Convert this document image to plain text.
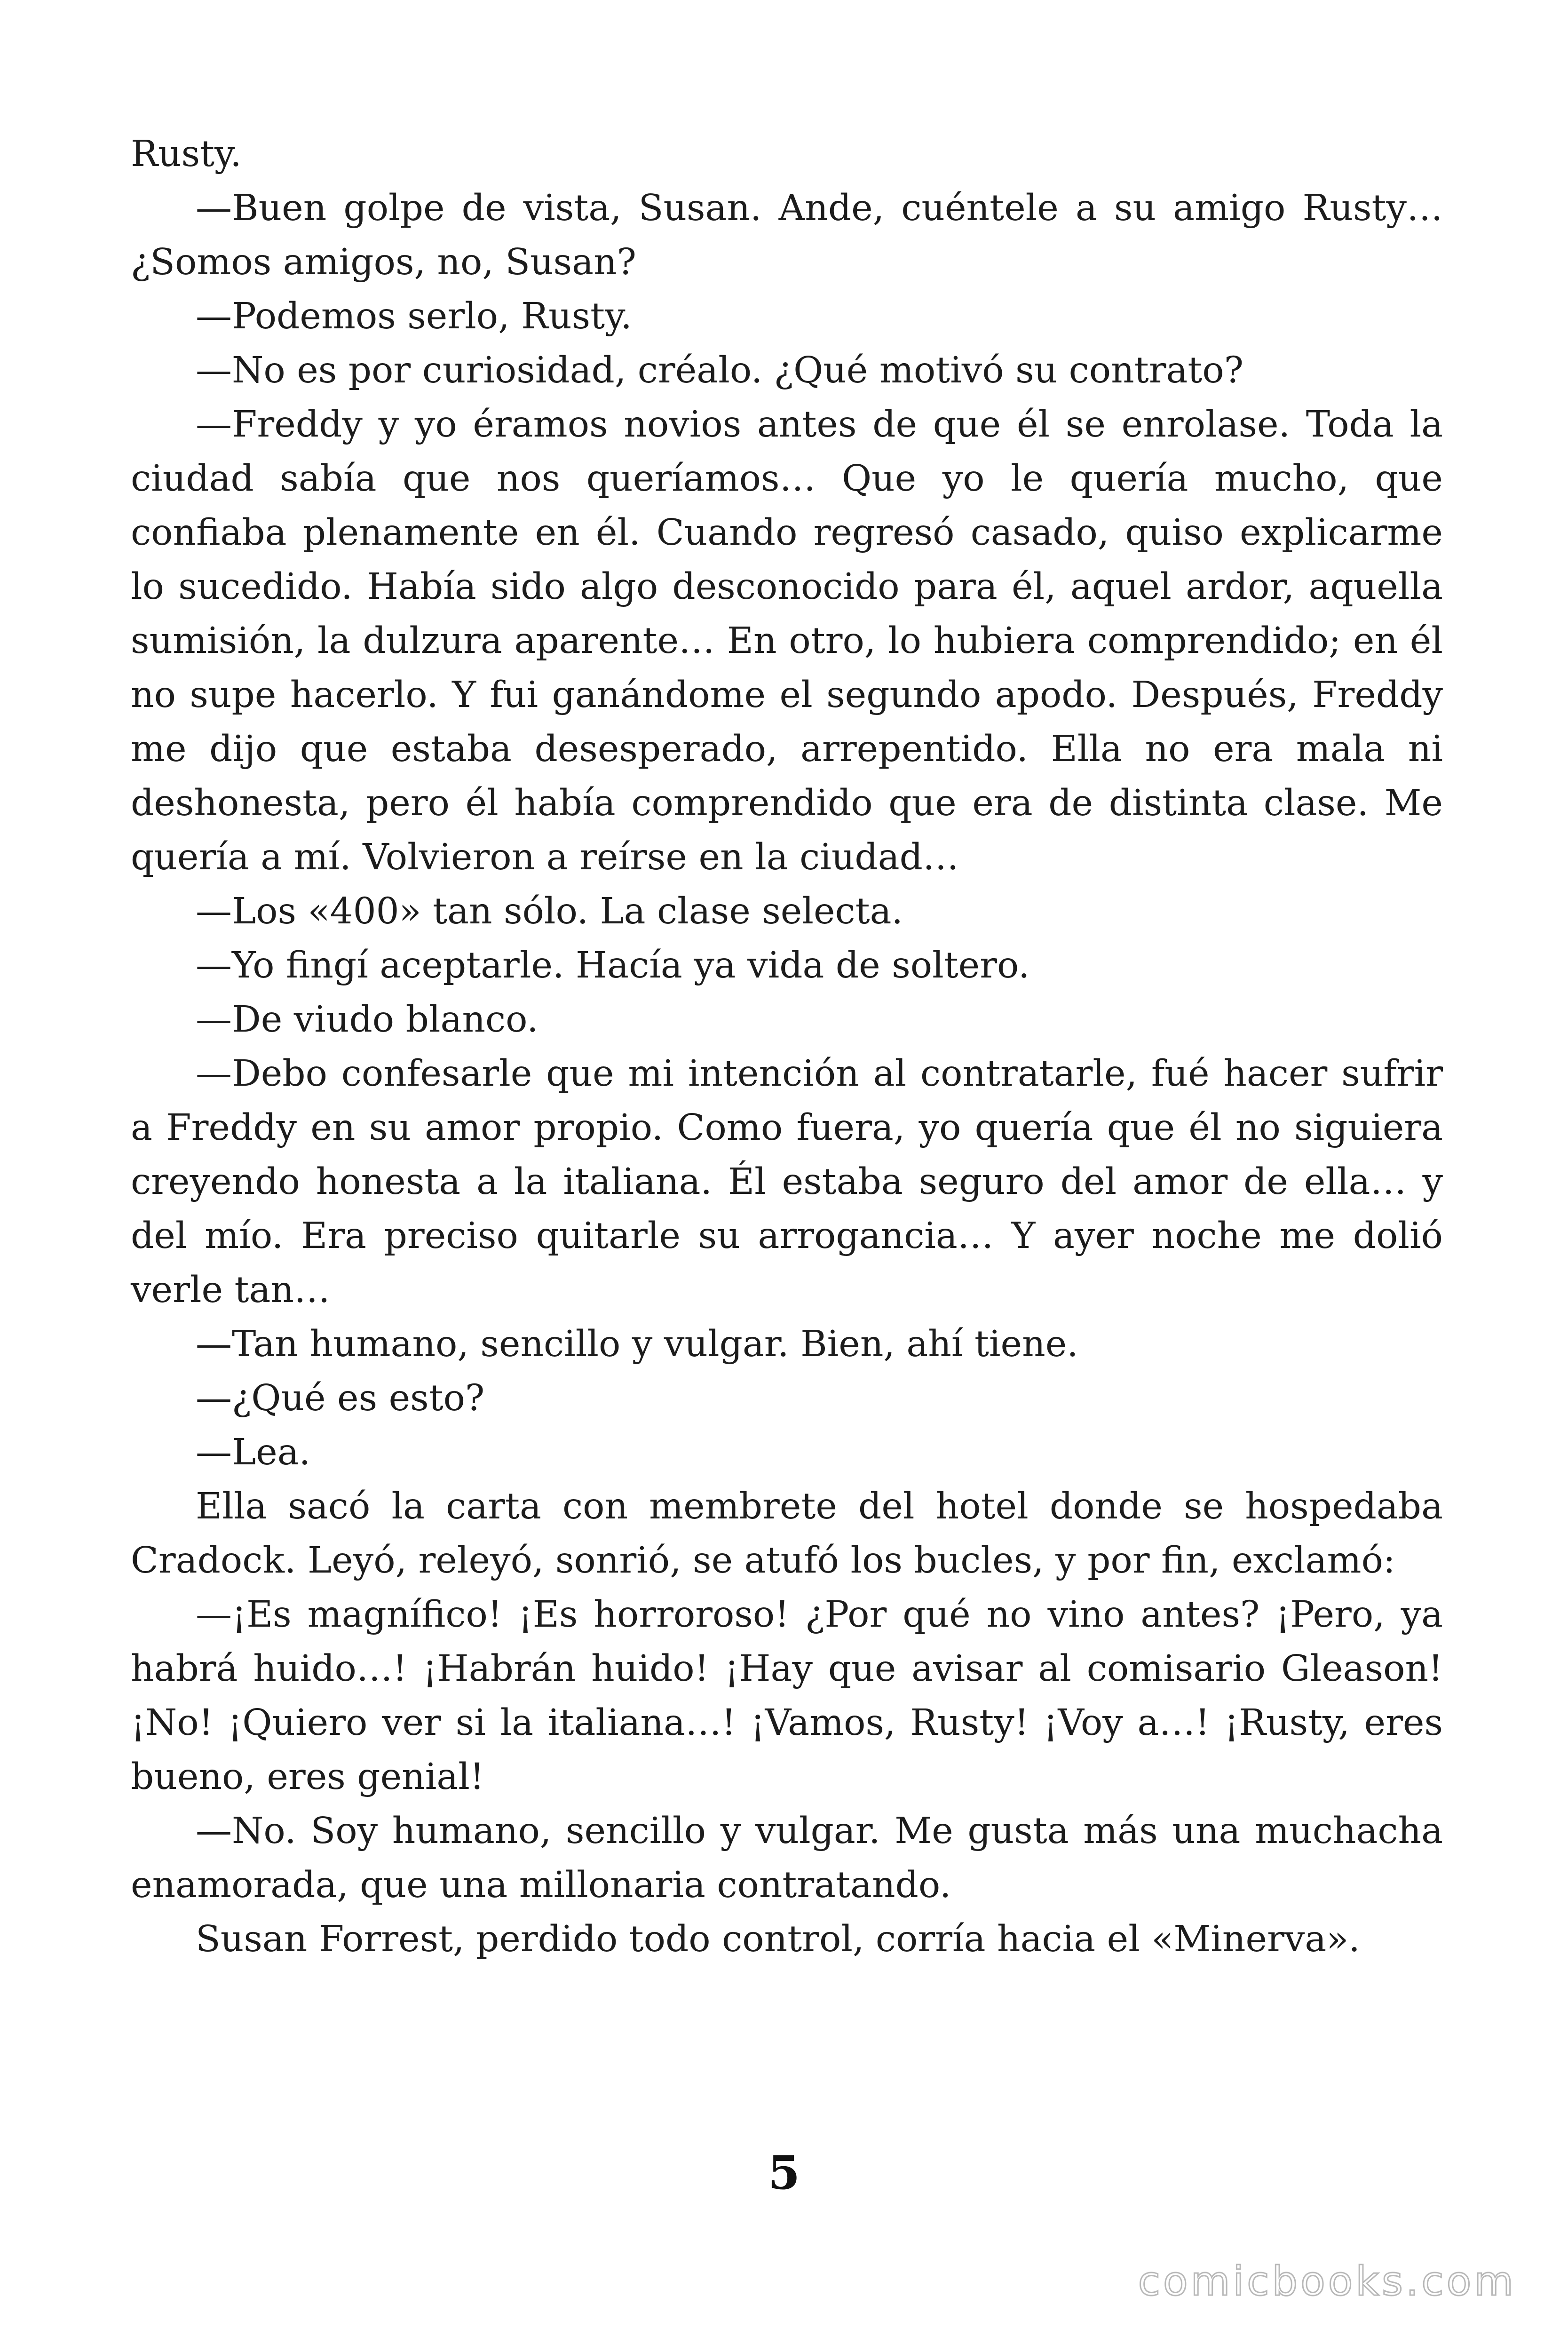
Rusty.

—Buen golpe de vista, Susan. Ande, cuéntele a su amigo Rusty… ¿Somos amigos, no, Susan?

—Podemos serlo, Rusty.

—No es por curiosidad, créalo. ¿Qué motivó su contrato?

—Freddy y yo éramos novios antes de que él se enrolase. Toda la ciudad sabía que nos queríamos… Que yo le quería mucho, que confiaba plenamente en él. Cuando regresó casado, quiso explicarme lo sucedido. Había sido algo desconocido para él, aquel ardor, aquella sumisión, la dulzura aparente… En otro, lo hubiera comprendido; en él no supe hacerlo. Y fui ganándome el segundo apodo. Después, Freddy me dijo que estaba desesperado, arrepentido. Ella no era mala ni deshonesta, pero él había comprendido que era de distinta clase. Me quería a mí. Volvieron a reírse en la ciudad…

—Los «400» tan sólo. La clase selecta.

—Yo fingí aceptarle. Hacía ya vida de soltero.

—De viudo blanco.

—Debo confesarle que mi intención al contratarle, fué hacer sufrir a Freddy en su amor propio. Como fuera, yo quería que él no siguiera creyendo honesta a la italiana. Él estaba seguro del amor de ella… y del mío. Era preciso quitarle su arrogancia… Y ayer noche me dolió verle tan…

—Tan humano, sencillo y vulgar. Bien, ahí tiene.

—¿Qué es esto?

—Lea.

Ella sacó la carta con membrete del hotel donde se hospedaba Cradock. Leyó, releyó, sonrió, se atufó los bucles, y por fin, exclamó:

—¡Es magnífico! ¡Es horroroso! ¿Por qué no vino antes? ¡Pero, ya habrá huido…! ¡Habrán huido! ¡Hay que avisar al comisario Gleason! ¡No! ¡Quiero ver si la italiana…! ¡Vamos, Rusty! ¡Voy a…! ¡Rusty, eres bueno, eres genial!

—No. Soy humano, sencillo y vulgar. Me gusta más una muchacha enamorada, que una millonaria contratando.

Susan Forrest, perdido todo control, corría hacia el «Minerva».

5
comicbooks.com
